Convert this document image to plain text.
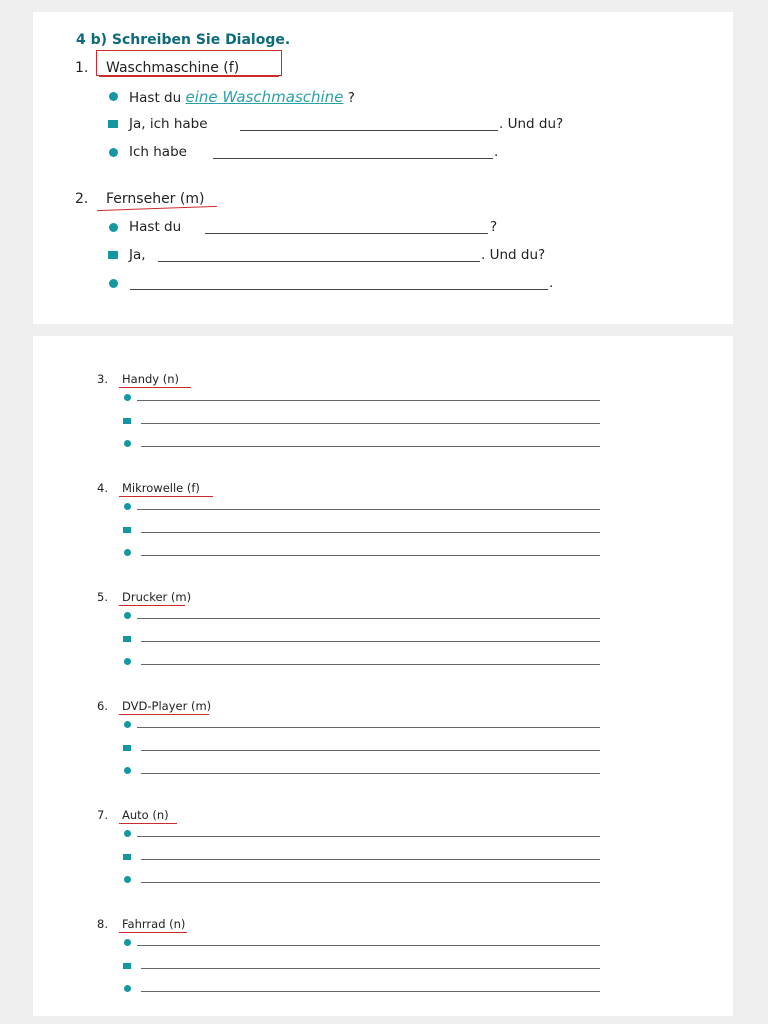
4 b) Schreiben Sie Dialoge.
1. Waschmaschine (f)
Hast du eine Waschmaschine ?
Ja, ich habe	. Und du?
Ich habe	.
2. Fernseher (m)
Hast du	?
Ja,	. Und du?
.
3. Handy (n)
4. Mikrowelle (f)
5. Drucker (m)
6. DVD-Player (m)
7. Auto (n)
8. Fahrrad (n)
